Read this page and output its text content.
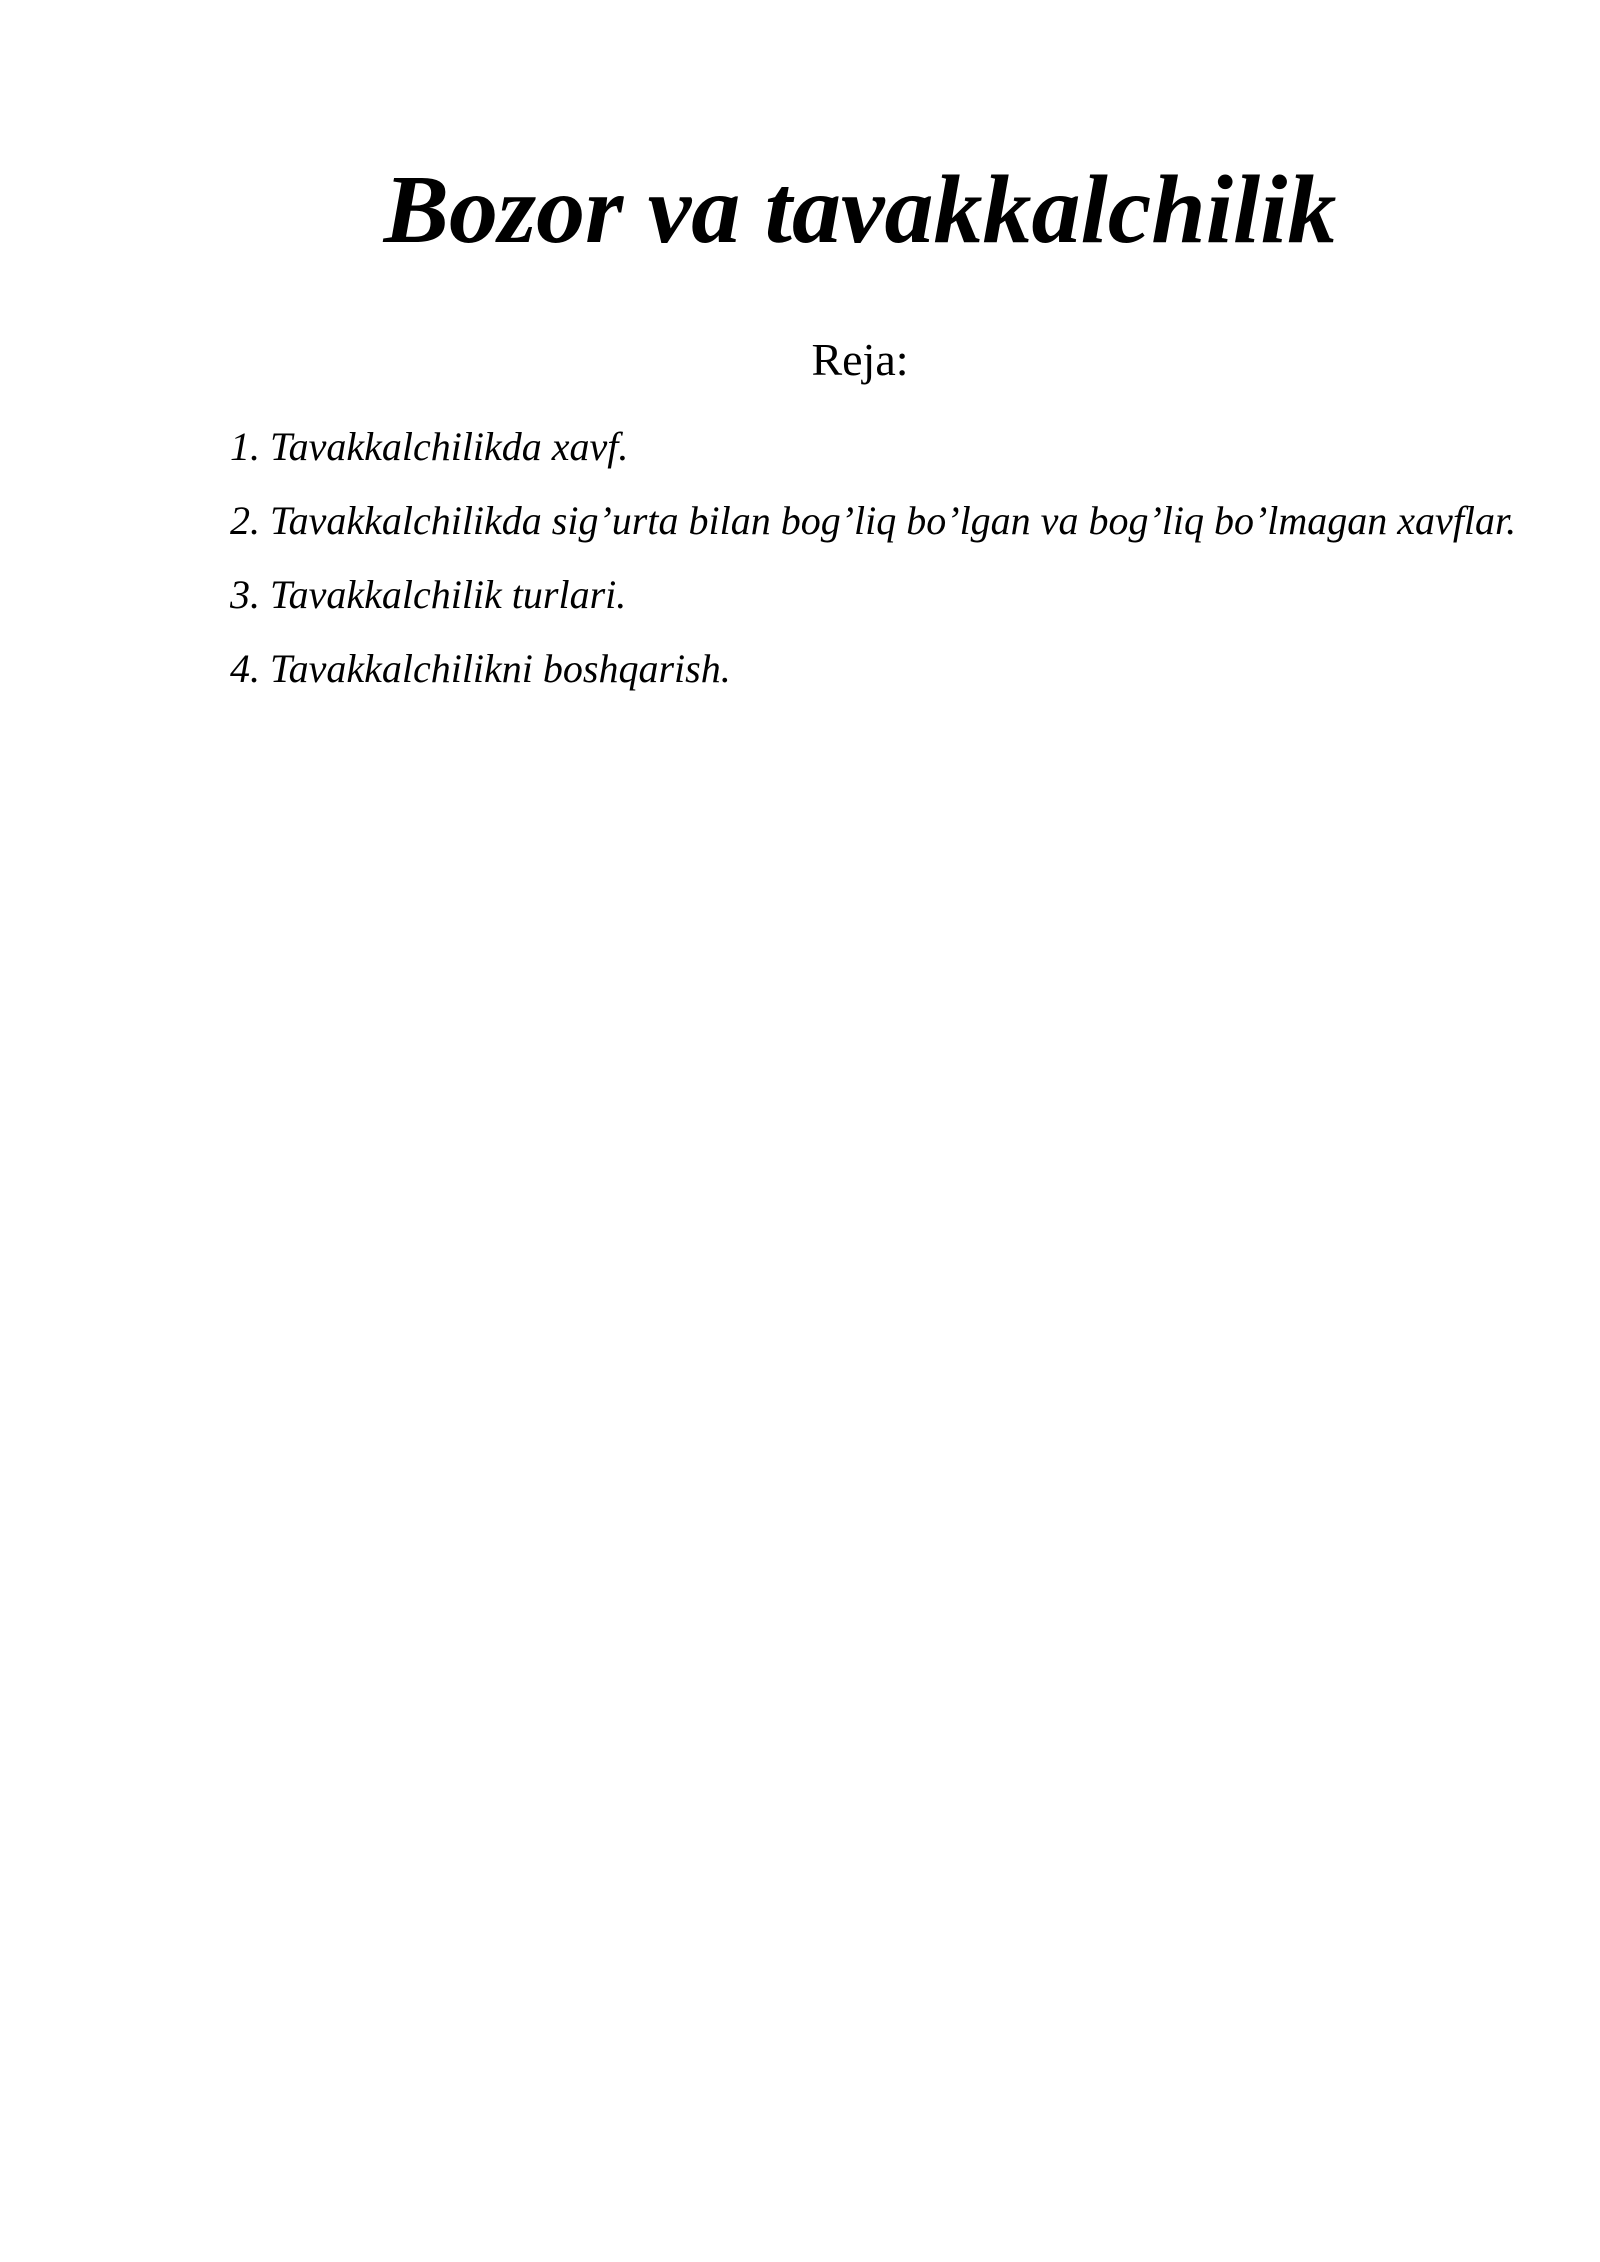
Bozor va tavakkalchilik
Reja:
1. Tavakkalchilikda xavf.
2. Tavakkalchilikda sig’urta bilan bog’liq bo’lgan va bog’liq bo’lmagan xavflar.
3. Tavakkalchilik turlari.
4. Tavakkalchilikni boshqarish.
